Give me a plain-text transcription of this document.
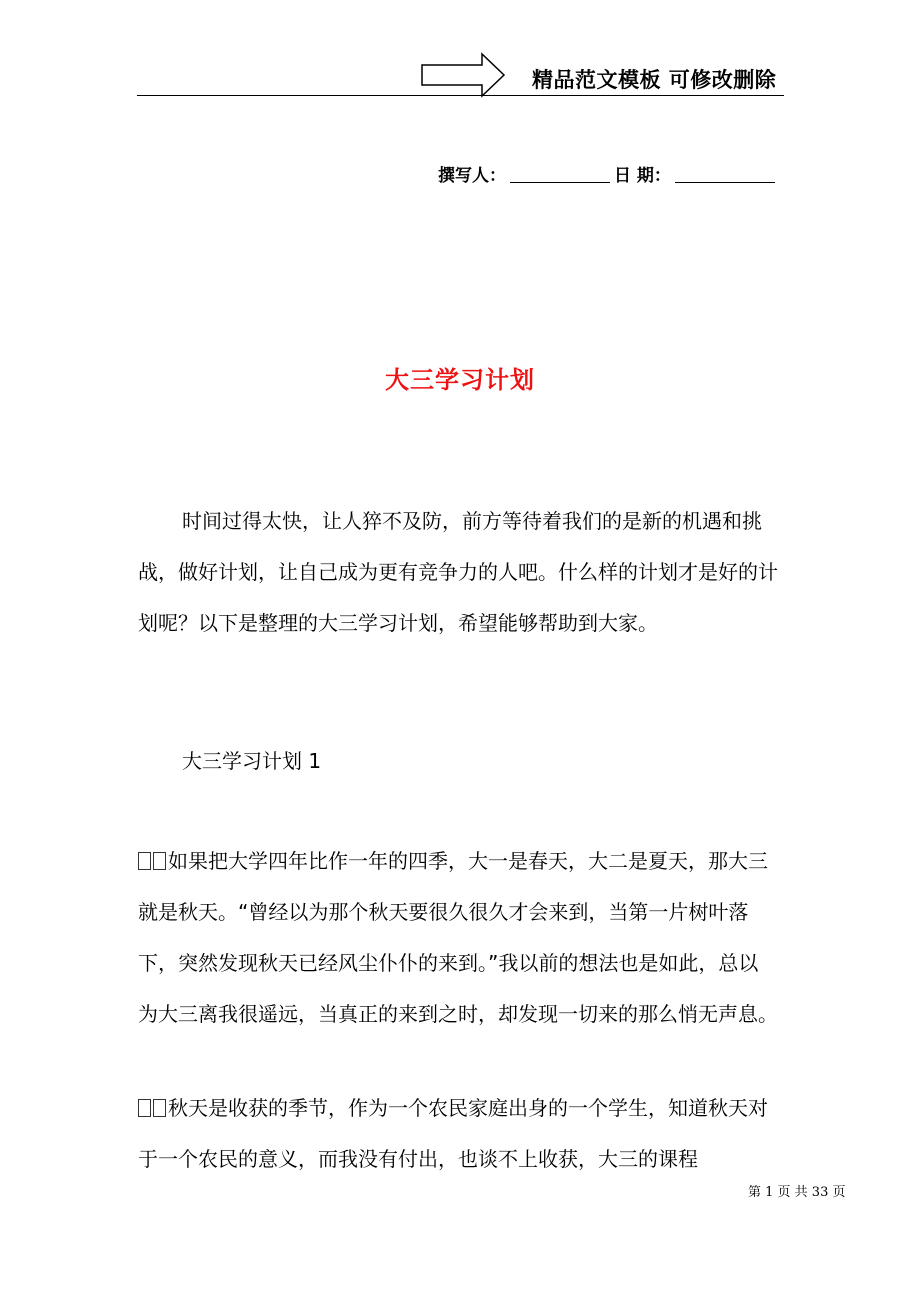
精品范文模板 可修改删除
撰写人：	日 期：
大三学习计划

时间过得太快，让人猝不及防，前方等待着我们的是新的机遇和挑战，做好计划，让自己成为更有竞争力的人吧。什么样的计划才是好的计划呢？以下是整理的大三学习计划，希望能够帮助到大家。

大三学习计划 1

如果把大学四年比作一年的四季，大一是春天，大二是夏天，那大三就是秋天。“曾经以为那个秋天要很久很久才会来到，当第一片树叶落下，突然发现秋天已经风尘仆仆的来到。”我以前的想法也是如此，总以为大三离我很遥远，当真正的来到之时，却发现一切来的那么悄无声息。

秋天是收获的季节，作为一个农民家庭出身的一个学生，知道秋天对于一个农民的意义，而我没有付出，也谈不上收获，大三的课程

第 1 页 共 33 页
